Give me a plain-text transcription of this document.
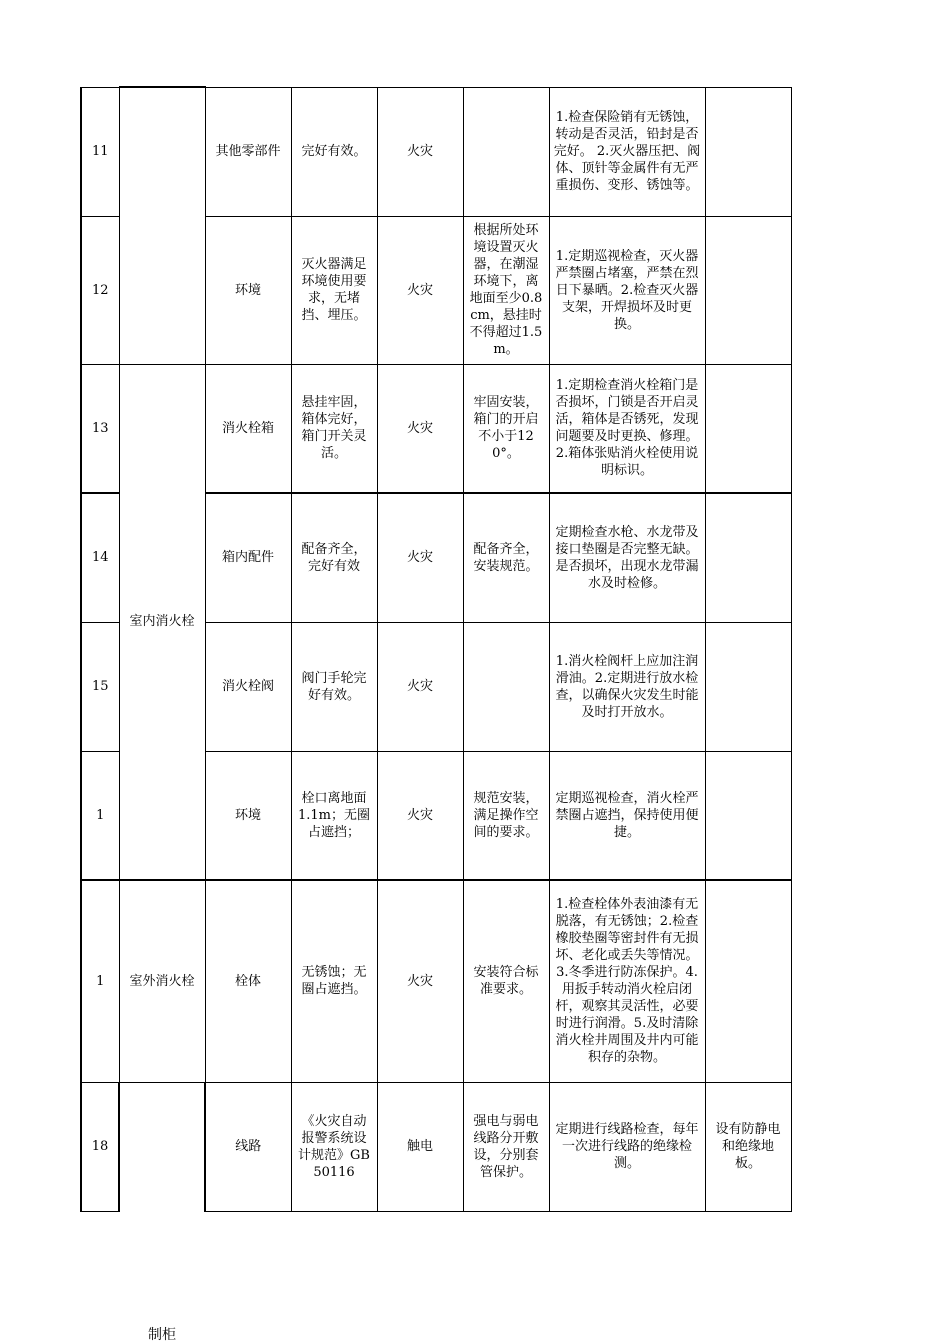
11		其他零部件	完好有效。	火灾		1.检查保险销有无锈蚀，转动是否灵活，铅封是否完好。 2.灭火器压把、阀体、顶针等金属件有无严重损伤、变形、锈蚀等。	
12		环境	灭火器满足环境使用要求，无堵挡、埋压。	火灾	根据所处环境设置灭火器，在潮湿环境下，离地面至少0.8cm，悬挂时不得超过1.5m。	1.定期巡视检查，灭火器严禁圈占堵塞，严禁在烈日下暴晒。2.检查灭火器支架，开焊损坏及时更换。	
13	室内消火栓	消火栓箱	悬挂牢固，箱体完好，箱门开关灵活。	火灾	牢固安装，箱门的开启不小于120°。	1.定期检查消火栓箱门是否损坏，门锁是否开启灵活，箱体是否锈死，发现问题要及时更换、修理。2.箱体张贴消火栓使用说明标识。	
14		箱内配件	配备齐全，完好有效	火灾	配备齐全，安装规范。	定期检查水枪、水龙带及接口垫圈是否完整无缺。是否损坏，出现水龙带漏水及时检修。	
15		消火栓阀	阀门手轮完好有效。	火灾		1.消火栓阀杆上应加注润滑油。2.定期进行放水检查，以确保火灾发生时能及时打开放水。	
1		环境	栓口离地面1.1m；无圈占遮挡；	火灾	规范安装，满足操作空间的要求。	定期巡视检查，消火栓严禁圈占遮挡，保持使用便捷。	
1	室外消火栓	栓体	无锈蚀；无圈占遮挡。	火灾	安装符合标准要求。	1.检查栓体外表油漆有无脱落，有无锈蚀；2.检查橡胶垫圈等密封件有无损坏、老化或丢失等情况。3.冬季进行防冻保护。4.用扳手转动消火栓启闭杆，观察其灵活性，必要时进行润滑。5.及时清除消火栓井周围及井内可能积存的杂物。	
18		线路	《火灾自动报警系统设计规范》GB50116	触电	强电与弱电线路分开敷设，分别套管保护。	定期进行线路检查，每年一次进行线路的绝缘检测。	设有防静电和绝缘地板。
制柜
